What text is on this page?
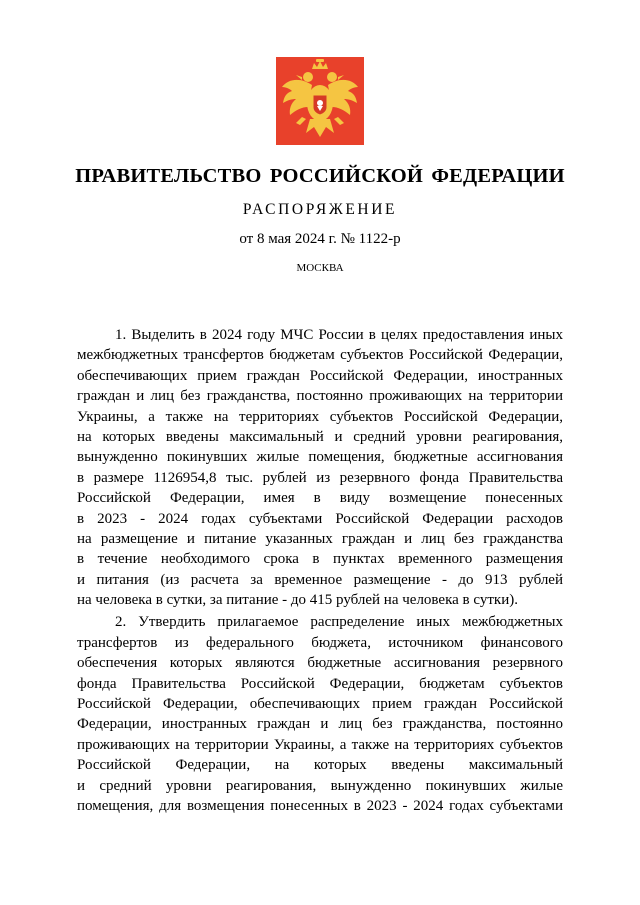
ПРАВИТЕЛЬСТВО РОССИЙСКОЙ ФЕДЕРАЦИИ
РАСПОРЯЖЕНИЕ
от 8 мая 2024 г. № 1122-р
МОСКВА
1. Выделить в 2024 году МЧС России в целях предоставления иных
межбюджетных трансфертов бюджетам субъектов Российской Федерации,
обеспечивающих прием граждан Российской Федерации, иностранных
граждан и лиц без гражданства, постоянно проживающих на территории
Украины, а также на территориях субъектов Российской Федерации,
на которых введены максимальный и средний уровни реагирования,
вынужденно покинувших жилые помещения, бюджетные ассигнования
в размере 1126954,8 тыс. рублей из резервного фонда Правительства
Российской Федерации, имея в виду возмещение понесенных
в 2023 - 2024 годах субъектами Российской Федерации расходов
на размещение и питание указанных граждан и лиц без гражданства
в течение необходимого срока в пунктах временного размещения
и питания (из расчета за временное размещение - до 913 рублей
на человека в сутки, за питание - до 415 рублей на человека в сутки).
2. Утвердить прилагаемое распределение иных межбюджетных
трансфертов из федерального бюджета, источником финансового
обеспечения которых являются бюджетные ассигнования резервного
фонда Правительства Российской Федерации, бюджетам субъектов
Российской Федерации, обеспечивающих прием граждан Российской
Федерации, иностранных граждан и лиц без гражданства, постоянно
проживающих на территории Украины, а также на территориях субъектов
Российской Федерации, на которых введены максимальный
и средний уровни реагирования, вынужденно покинувших жилые
помещения, для возмещения понесенных в 2023 - 2024 годах субъектами
